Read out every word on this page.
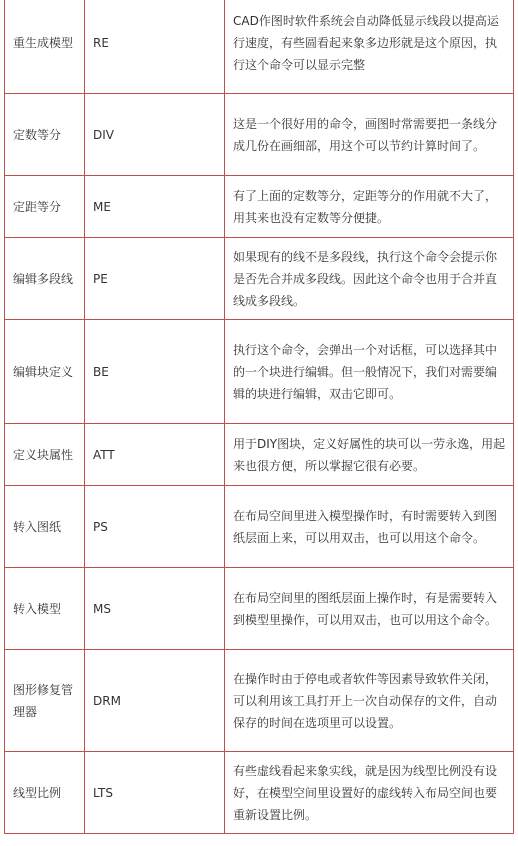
重生成模型	RE	CAD作图时软件系统会自动降低显示线段以提高运行速度，有些圆看起来象多边形就是这个原因，执行这个命令可以显示完整
定数等分	DIV	这是一个很好用的命令，画图时常需要把一条线分成几份在画细部，用这个可以节约计算时间了。
定距等分	ME	有了上面的定数等分，定距等分的作用就不大了，用其来也没有定数等分便捷。
编辑多段线	PE	如果现有的线不是多段线，执行这个命令会提示你是否先合并成多段线。因此这个命令也用于合并直线成多段线。
编辑块定义	BE	执行这个命令，会弹出一个对话框，可以选择其中的一个块进行编辑。但一般情况下，我们对需要编辑的块进行编辑，双击它即可。
定义块属性	ATT	用于DIY图块，定义好属性的块可以一劳永逸，用起来也很方便，所以掌握它很有必要。
转入图纸	PS	在布局空间里进入模型操作时，有时需要转入到图纸层面上来，可以用双击，也可以用这个命令。
转入模型	MS	在布局空间里的图纸层面上操作时，有是需要转入到模型里操作，可以用双击，也可以用这个命令。
图形修复管理器	DRM	在操作时由于停电或者软件等因素导致软件关闭，可以利用该工具打开上一次自动保存的文件，自动保存的时间在选项里可以设置。
线型比例	LTS	有些虚线看起来象实线，就是因为线型比例没有设好，在模型空间里设置好的虚线转入布局空间也要重新设置比例。
